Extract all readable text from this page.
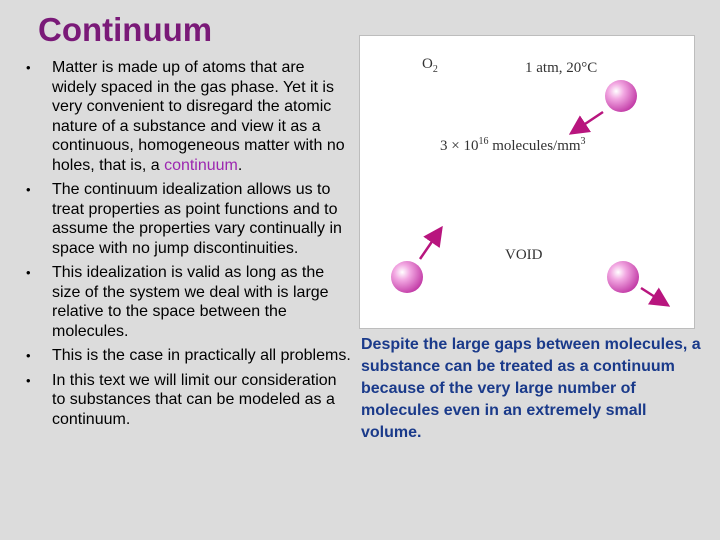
Continuum
• Matter is made up of atoms that are widely spaced in the gas phase. Yet it is very convenient to disregard the atomic nature of a substance and view it as a continuous, homogeneous matter with no holes, that is, a continuum.
• The continuum idealization allows us to treat properties as point functions and to assume the properties vary continually in space with no jump discontinuities.
• This idealization is valid as long as the size of the system we deal with is large relative to the space between the molecules.
• This is the case in practically all problems.
• In this text we will limit our consideration to substances that can be modeled as a continuum.
$O_2$	1 atm, 20°C
$3 \times 10^{16}$ molecules/$mm^3$
VOID
Despite the large gaps between molecules, a substance can be treated as a continuum because of the very large number of molecules even in an extremely small volume.
